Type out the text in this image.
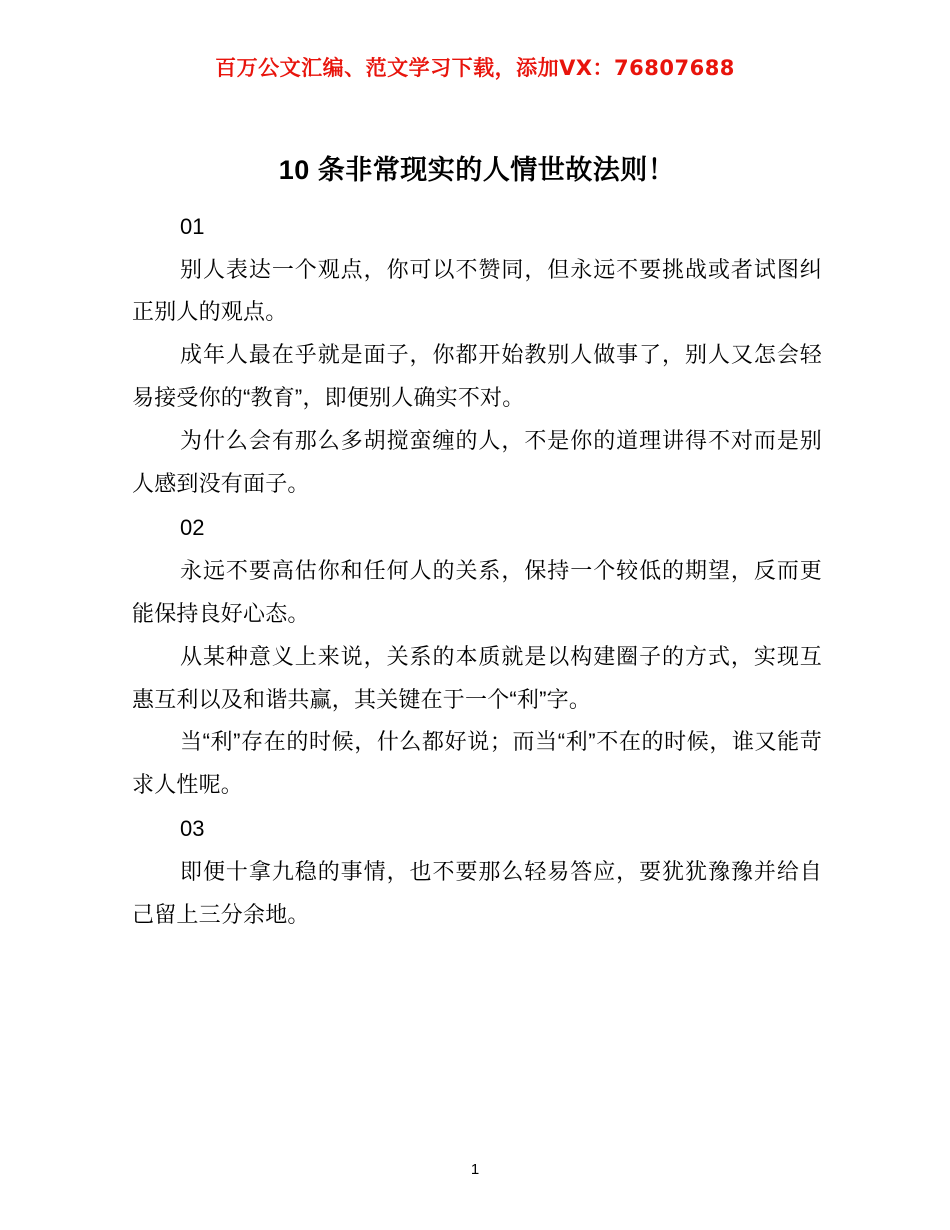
百万公文汇编、范文学习下载，添加VX：76807688
10 条非常现实的人情世故法则！

01

别人表达一个观点，你可以不赞同，但永远不要挑战或者试图纠正别人的观点。

成年人最在乎就是面子，你都开始教别人做事了，别人又怎会轻易接受你的“教育”，即便别人确实不对。

为什么会有那么多胡搅蛮缠的人，不是你的道理讲得不对而是别人感到没有面子。

02

永远不要高估你和任何人的关系，保持一个较低的期望，反而更能保持良好心态。

从某种意义上来说，关系的本质就是以构建圈子的方式，实现互惠互利以及和谐共赢，其关键在于一个“利”字。

当“利”存在的时候，什么都好说；而当“利”不在的时候，谁又能苛求人性呢。

03

即便十拿九稳的事情，也不要那么轻易答应，要犹犹豫豫并给自己留上三分余地。

1
